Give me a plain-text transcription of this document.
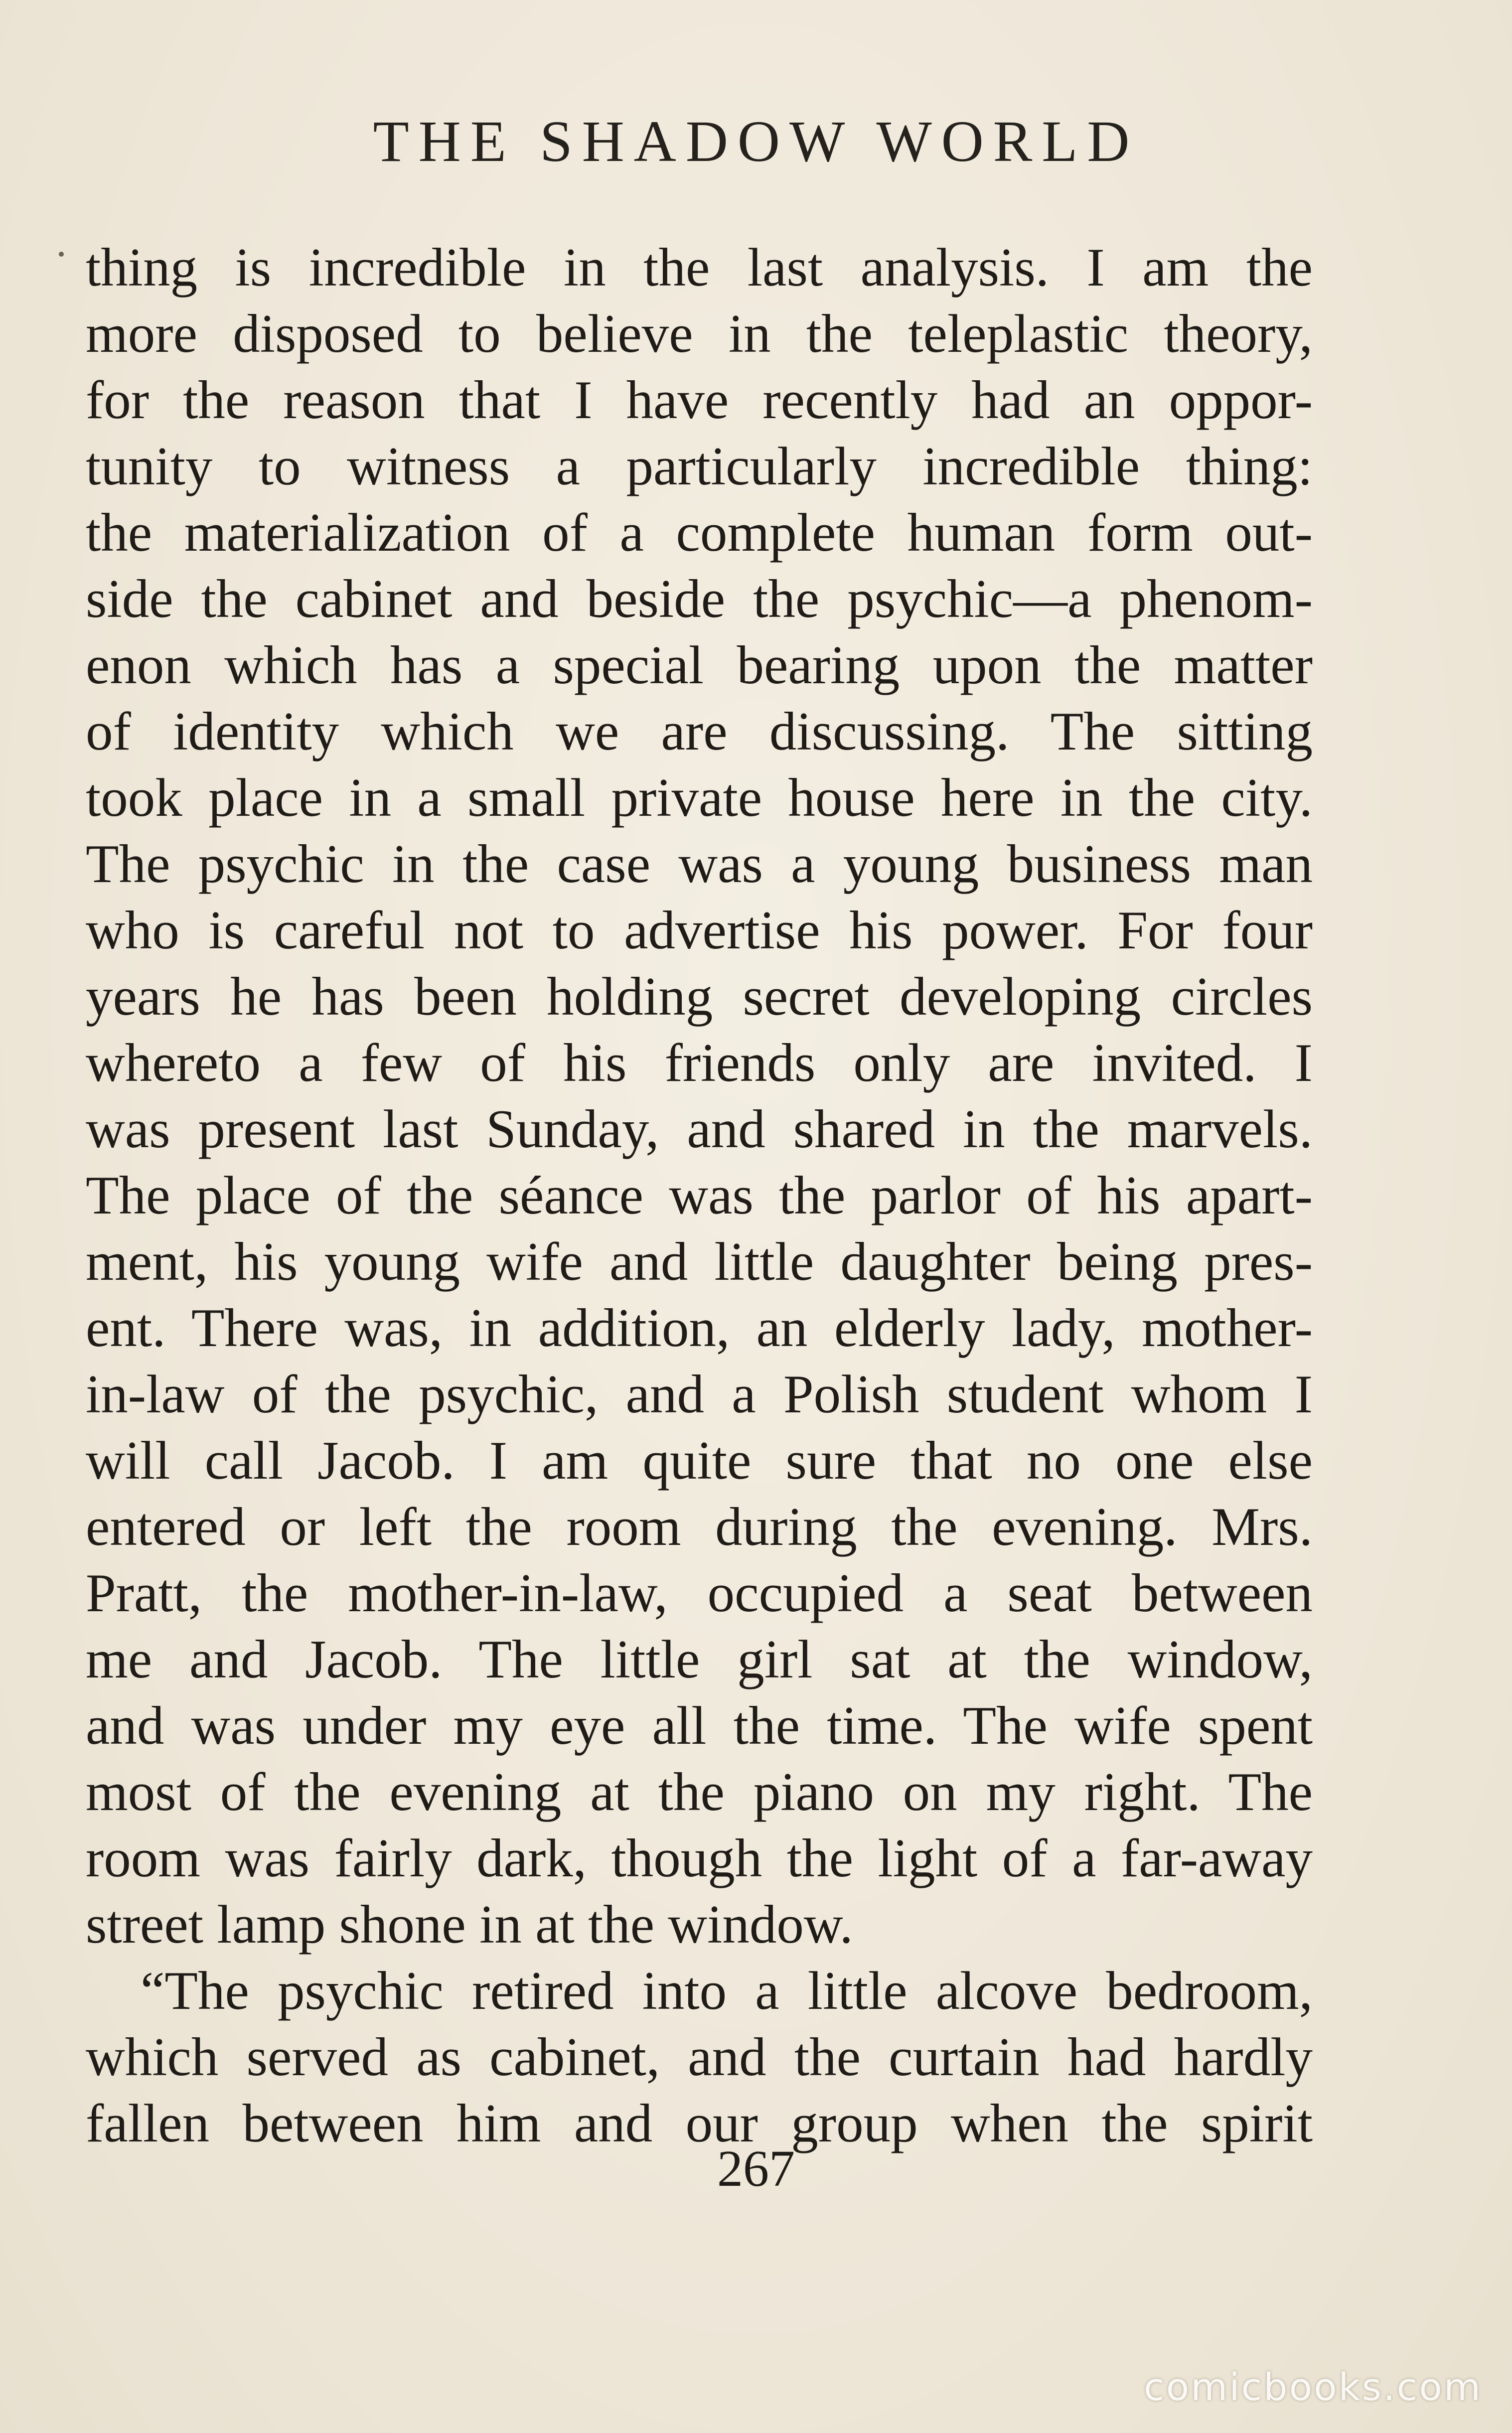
THE SHADOW WORLD
thing is incredible in the last analysis. I am the
more disposed to believe in the teleplastic theory,
for the reason that I have recently had an oppor-
tunity to witness a particularly incredible thing:
the materialization of a complete human form out-
side the cabinet and beside the psychic—a phenom-
enon which has a special bearing upon the matter
of identity which we are discussing. The sitting
took place in a small private house here in the city.
The psychic in the case was a young business man
who is careful not to advertise his power. For four
years he has been holding secret developing circles
whereto a few of his friends only are invited. I
was present last Sunday, and shared in the marvels.
The place of the séance was the parlor of his apart-
ment, his young wife and little daughter being pres-
ent. There was, in addition, an elderly lady, mother-
in-law of the psychic, and a Polish student whom I
will call Jacob. I am quite sure that no one else
entered or left the room during the evening. Mrs.
Pratt, the mother-in-law, occupied a seat between
me and Jacob. The little girl sat at the window,
and was under my eye all the time. The wife spent
most of the evening at the piano on my right. The
room was fairly dark, though the light of a far-away
street lamp shone in at the window.
“The psychic retired into a little alcove bedroom,
which served as cabinet, and the curtain had hardly
fallen between him and our group when the spirit
267
comicbooks.com
